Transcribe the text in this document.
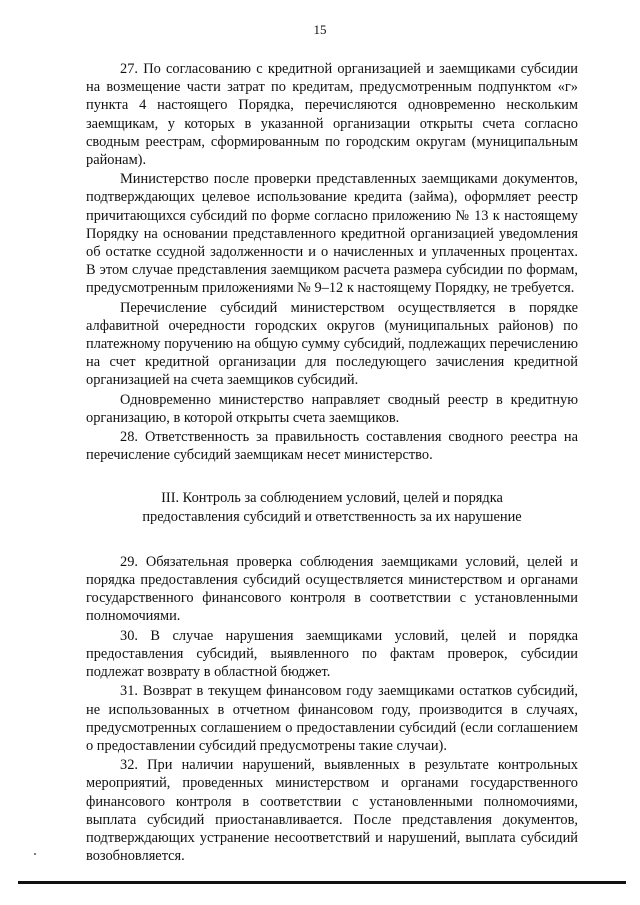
15

27. По согласованию с кредитной организацией и заемщиками субсидии на возмещение части затрат по кредитам, предусмотренным подпунктом «г» пункта 4 настоящего Порядка, перечисляются одновременно нескольким заемщикам, у которых в указанной организации открыты счета согласно сводным реестрам, сформированным по городским округам (муниципальным районам).

Министерство после проверки представленных заемщиками документов, подтверждающих целевое использование кредита (займа), оформляет реестр причитающихся субсидий по форме согласно приложению № 13 к настоящему Порядку на основании представленного кредитной организацией уведомления об остатке ссудной задолженности и о начисленных и уплаченных процентах. В этом случае представления заемщиком расчета размера субсидии по формам, предусмотренным приложениями № 9–12 к настоящему Порядку, не требуется.

Перечисление субсидий министерством осуществляется в порядке алфавитной очередности городских округов (муниципальных районов) по платежному поручению на общую сумму субсидий, подлежащих перечислению на счет кредитной организации для последующего зачисления кредитной организацией на счета заемщиков субсидий.

Одновременно министерство направляет сводный реестр в кредитную организацию, в которой открыты счета заемщиков.

28. Ответственность за правильность составления сводного реестра на перечисление субсидий заемщикам несет министерство.

III. Контроль за соблюдением условий, целей и порядка
предоставления субсидий и ответственность за их нарушение

29. Обязательная проверка соблюдения заемщиками условий, целей и порядка предоставления субсидий осуществляется министерством и органами государственного финансового контроля в соответствии с установленными полномочиями.

30. В случае нарушения заемщиками условий, целей и порядка предоставления субсидий, выявленного по фактам проверок, субсидии подлежат возврату в областной бюджет.

31. Возврат в текущем финансовом году заемщиками остатков субсидий, не использованных в отчетном финансовом году, производится в случаях, предусмотренных соглашением о предоставлении субсидий (если соглашением о предоставлении субсидий предусмотрены такие случаи).

32. При наличии нарушений, выявленных в результате контрольных мероприятий, проведенных министерством и органами государственного финансового контроля в соответствии с установленными полномочиями, выплата субсидий приостанавливается. После представления документов, подтверждающих устранение несоответствий и нарушений, выплата субсидий возобновляется.
